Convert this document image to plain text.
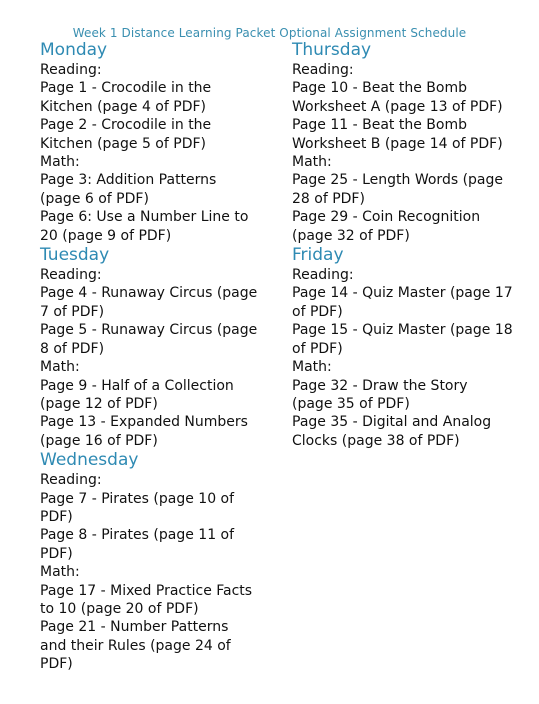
Week 1 Distance Learning Packet Optional Assignment Schedule
Monday
Reading:
Page 1 - Crocodile in the
Kitchen (page 4 of PDF)
Page 2 - Crocodile in the
Kitchen (page 5 of PDF)
Math:
Page 3: Addition Patterns
(page 6 of PDF)
Page 6: Use a Number Line to
20 (page 9 of PDF)
Tuesday
Reading:
Page 4 - Runaway Circus (page
7 of PDF)
Page 5 - Runaway Circus (page
8 of PDF)
Math:
Page 9 - Half of a Collection
(page 12 of PDF)
Page 13 - Expanded Numbers
(page 16 of PDF)
Wednesday
Reading:
Page 7 - Pirates (page 10 of
PDF)
Page 8 - Pirates (page 11 of
PDF)
Math:
Page 17 - Mixed Practice Facts
to 10 (page 20 of PDF)
Page 21 - Number Patterns
and their Rules (page 24 of
PDF)
Thursday
Reading:
Page 10 - Beat the Bomb
Worksheet A (page 13 of PDF)
Page 11 - Beat the Bomb
Worksheet B (page 14 of PDF)
Math:
Page 25 - Length Words (page
28 of PDF)
Page 29 - Coin Recognition
(page 32 of PDF)
Friday
Reading:
Page 14 - Quiz Master (page 17
of PDF)
Page 15 - Quiz Master (page 18
of PDF)
Math:
Page 32 - Draw the Story
(page 35 of PDF)
Page 35 - Digital and Analog
Clocks (page 38 of PDF)
